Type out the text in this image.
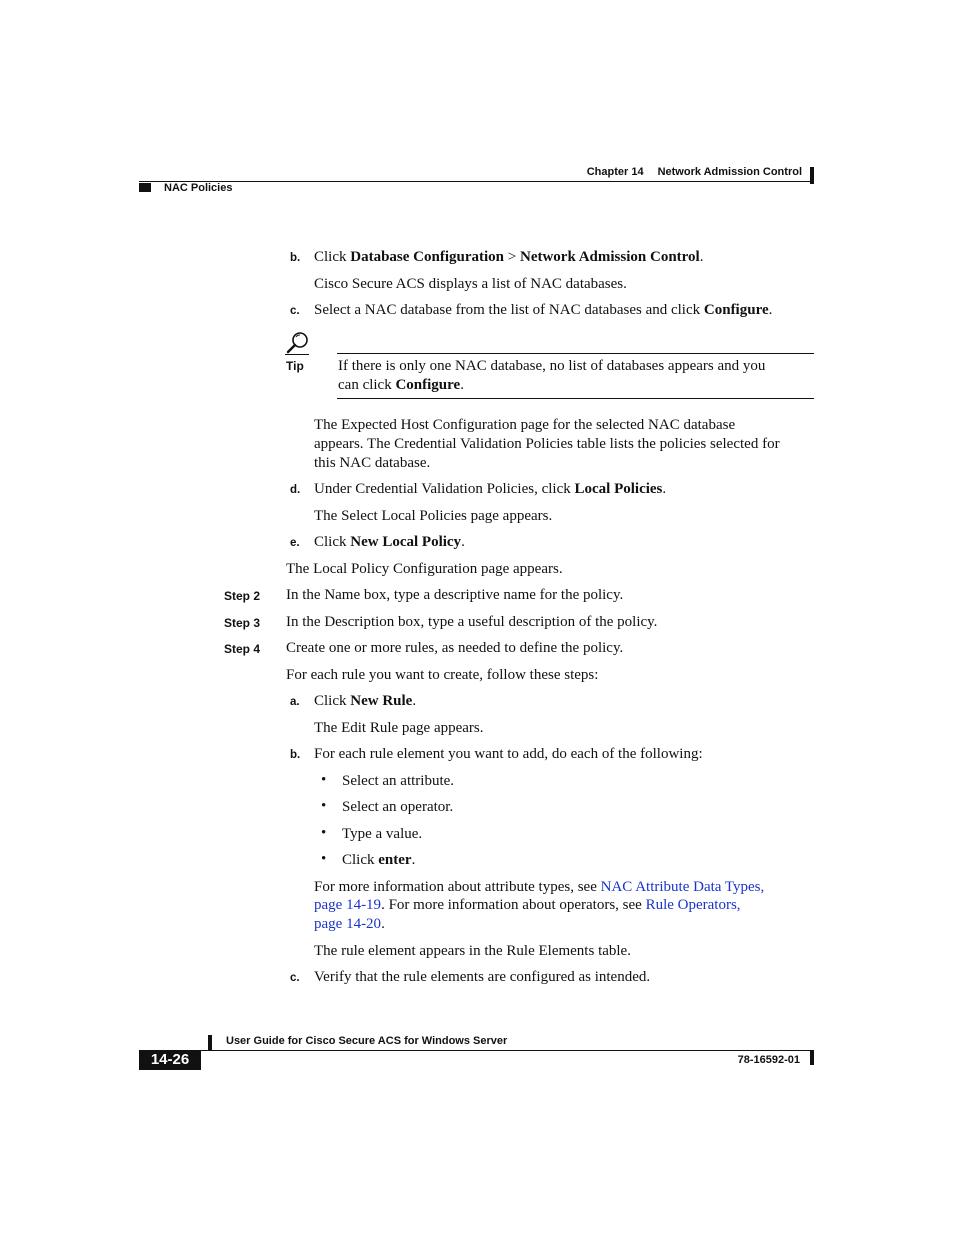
Chapter 14 Network Admission Control
NAC Policies
b. Click Database Configuration > Network Admission Control.
Cisco Secure ACS displays a list of NAC databases.
c. Select a NAC database from the list of NAC databases and click Configure.
Tip If there is only one NAC database, no list of databases appears and you
can click Configure.
The Expected Host Configuration page for the selected NAC database
appears. The Credential Validation Policies table lists the policies selected for
this NAC database.
d. Under Credential Validation Policies, click Local Policies.
The Select Local Policies page appears.
e. Click New Local Policy.
The Local Policy Configuration page appears.
Step 2 In the Name box, type a descriptive name for the policy.
Step 3 In the Description box, type a useful description of the policy.
Step 4 Create one or more rules, as needed to define the policy.
For each rule you want to create, follow these steps:
a. Click New Rule.
The Edit Rule page appears.
b. For each rule element you want to add, do each of the following:
• Select an attribute.
• Select an operator.
• Type a value.
• Click enter.
For more information about attribute types, see NAC Attribute Data Types,
page 14-19. For more information about operators, see Rule Operators,
page 14-20.
The rule element appears in the Rule Elements table.
c. Verify that the rule elements are configured as intended.
User Guide for Cisco Secure ACS for Windows Server
14-26	78-16592-01
